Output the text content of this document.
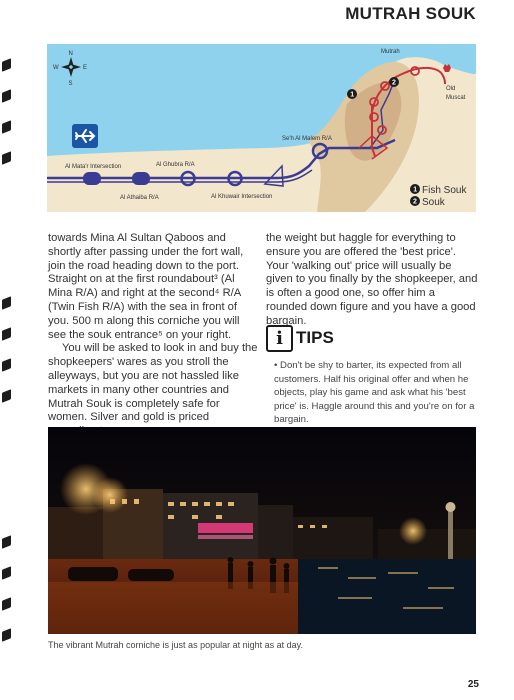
MUTRAH SOUK
N
S
E
W
1
2
Mutrah
Old
Muscat
Se'h Al Malem R/A
Al Mata'r Intersection	Al Ghubra R/A
Al Athaiba R/A	Al Khuwair Intersection
1 Fish Souk
2 Souk

towards Mina Al Sultan Qaboos and shortly after passing under the fort wall, join the road heading down to the port. Straight on at the first roundabout³ (Al Mina R/A) and right at the second⁴ R/A (Twin Fish R/A) with the sea in front of you. 500 m along this corniche you will see the souk entrance⁵ on your right.

You will be asked to look in and buy the shopkeepers' wares as you stroll the alleyways, but you are not hassled like markets in many other countries and Mutrah Souk is completely safe for women. Silver and gold is priced

the weight but haggle for everything to ensure you are offered the 'best price'. Your 'walking out' price will usually be given to you finally by the shopkeeper, and is often a good one, so offer him a rounded down figure and you have a good bargain.

i TIPS
• Don't be shy to barter, its expected from all customers. Half his original offer and when he objects, play his game and ask what his 'best price' is. Haggle around this and you're on for a bargain.
The vibrant Mutrah corniche is just as popular at night as at day.
25
